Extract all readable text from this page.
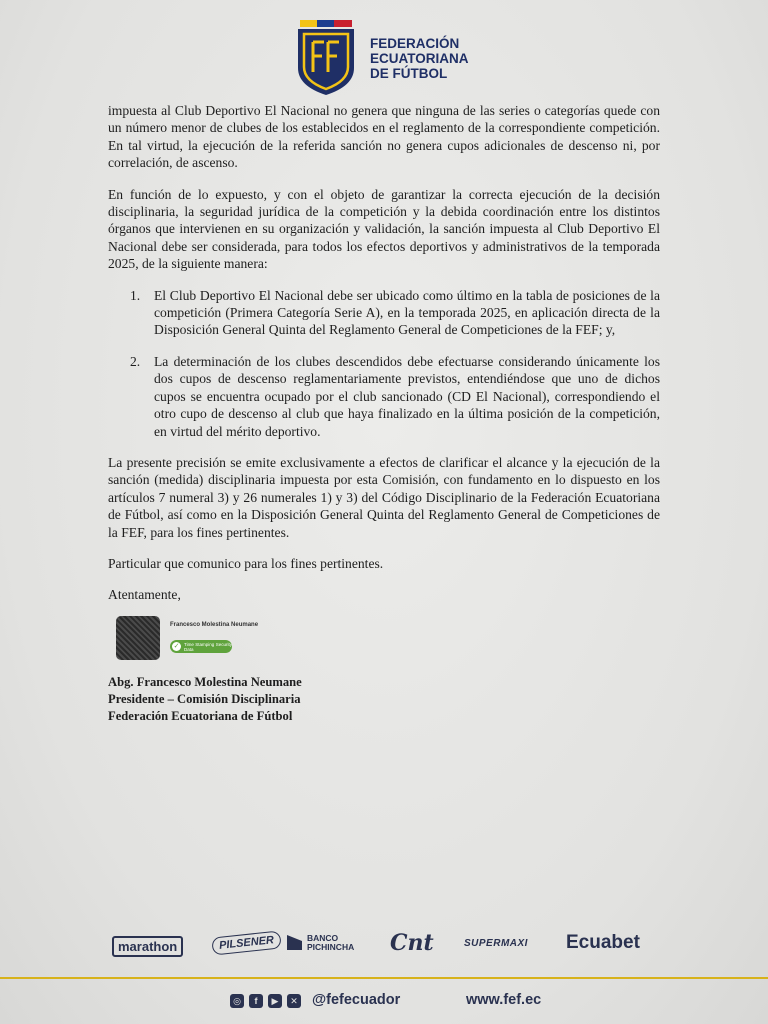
FEDERACIÓN
ECUATORIANA
DE FÚTBOL

impuesta al Club Deportivo El Nacional no genera que ninguna de las series o categorías quede con un número menor de clubes de los establecidos en el reglamento de la correspondiente competición. En tal virtud, la ejecución de la referida sanción no genera cupos adicionales de descenso ni, por correlación, de ascenso.

En función de lo expuesto, y con el objeto de garantizar la correcta ejecución de la decisión disciplinaria, la seguridad jurídica de la competición y la debida coordinación entre los distintos órganos que intervienen en su organización y validación, la sanción impuesta al Club Deportivo El Nacional debe ser considerada, para todos los efectos deportivos y administrativos de la temporada 2025, de la siguiente manera:

1. El Club Deportivo El Nacional debe ser ubicado como último en la tabla de posiciones de la competición (Primera Categoría Serie A), en la temporada 2025, en aplicación directa de la Disposición General Quinta del Reglamento General de Competiciones de la FEF; y,
2. La determinación de los clubes descendidos debe efectuarse considerando únicamente los dos cupos de descenso reglamentariamente previstos, entendiéndose que uno de dichos cupos se encuentra ocupado por el club sancionado (CD El Nacional), correspondiendo el otro cupo de descenso al club que haya finalizado en la última posición de la competición, en virtud del mérito deportivo.

La presente precisión se emite exclusivamente a efectos de clarificar el alcance y la ejecución de la sanción (medida) disciplinaria impuesta por esta Comisión, con fundamento en lo dispuesto en los artículos 7 numeral 3) y 26 numerales 1) y 3) del Código Disciplinario de la Federación Ecuatoriana de Fútbol, así como en la Disposición General Quinta del Reglamento General de Competiciones de la FEF, para los fines pertinentes.

Particular que comunico para los fines pertinentes.

Atentamente,

Francesco Molestina Neumane
✓	Time Stamping Security Data
Abg. Francesco Molestina Neumane
Presidente – Comisión Disciplinaria
Federación Ecuatoriana de Fútbol
marathon	PILSENER	BANCO
PICHINCHA Cnt	SUPERMAXI Ecuabet
◎	f	▶	✕ @fefecuador	www.fef.ec
